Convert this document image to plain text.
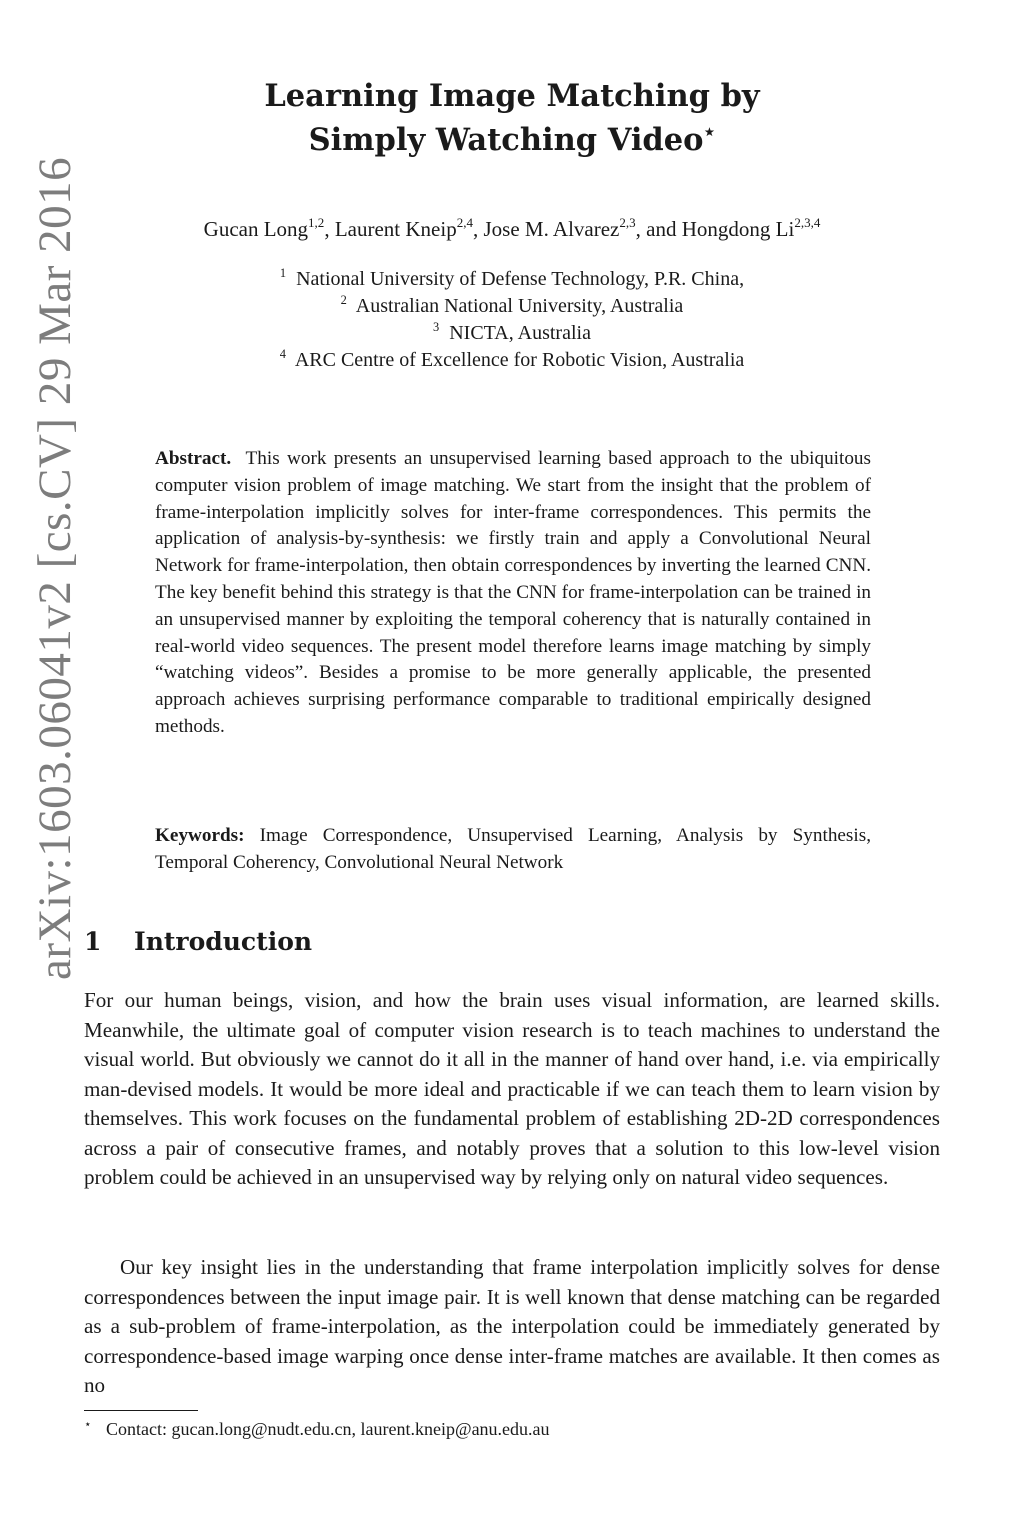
arXiv:1603.06041v2 [cs.CV] 29 Mar 2016
Learning Image Matching by
Simply Watching Video⋆
Gucan Long$^{1,2}$, Laurent Kneip$^{2,4}$, Jose M. Alvarez$^{2,3}$, and Hongdong Li$^{2,3,4}$
$^1$ National University of Defense Technology, P.R. China,
$^2$ Australian National University, Australia
$^3$ NICTA, Australia
$^4$ ARC Centre of Excellence for Robotic Vision, Australia
Abstract. This work presents an unsupervised learning based approach to the ubiquitous computer vision problem of image matching. We start from the insight that the problem of frame-interpolation implicitly solves for inter-frame correspondences. This permits the application of analysis-by-synthesis: we firstly train and apply a Convolutional Neural Network for frame-interpolation, then obtain correspondences by inverting the learned CNN. The key benefit behind this strategy is that the CNN for frame-interpolation can be trained in an unsupervised manner by exploiting the temporal coherency that is naturally contained in real-world video sequences. The present model therefore learns image matching by simply “watching videos”. Besides a promise to be more generally applicable, the presented approach achieves surprising performance comparable to traditional empirically designed methods.
Keywords: Image Correspondence, Unsupervised Learning, Analysis by Synthesis, Temporal Coherency, Convolutional Neural Network
1 Introduction
For our human beings, vision, and how the brain uses visual information, are learned skills. Meanwhile, the ultimate goal of computer vision research is to teach machines to understand the visual world. But obviously we cannot do it all in the manner of hand over hand, i.e. via empirically man-devised models. It would be more ideal and practicable if we can teach them to learn vision by themselves. This work focuses on the fundamental problem of establishing 2D-2D correspondences across a pair of consecutive frames, and notably proves that a solution to this low-level vision problem could be achieved in an unsupervised way by relying only on natural video sequences.
Our key insight lies in the understanding that frame interpolation implicitly solves for dense correspondences between the input image pair. It is well known that dense matching can be regarded as a sub-problem of frame-interpolation, as the interpolation could be immediately generated by correspondence-based image warping once dense inter-frame matches are available. It then comes as no
⋆ Contact: gucan.long@nudt.edu.cn, laurent.kneip@anu.edu.au
